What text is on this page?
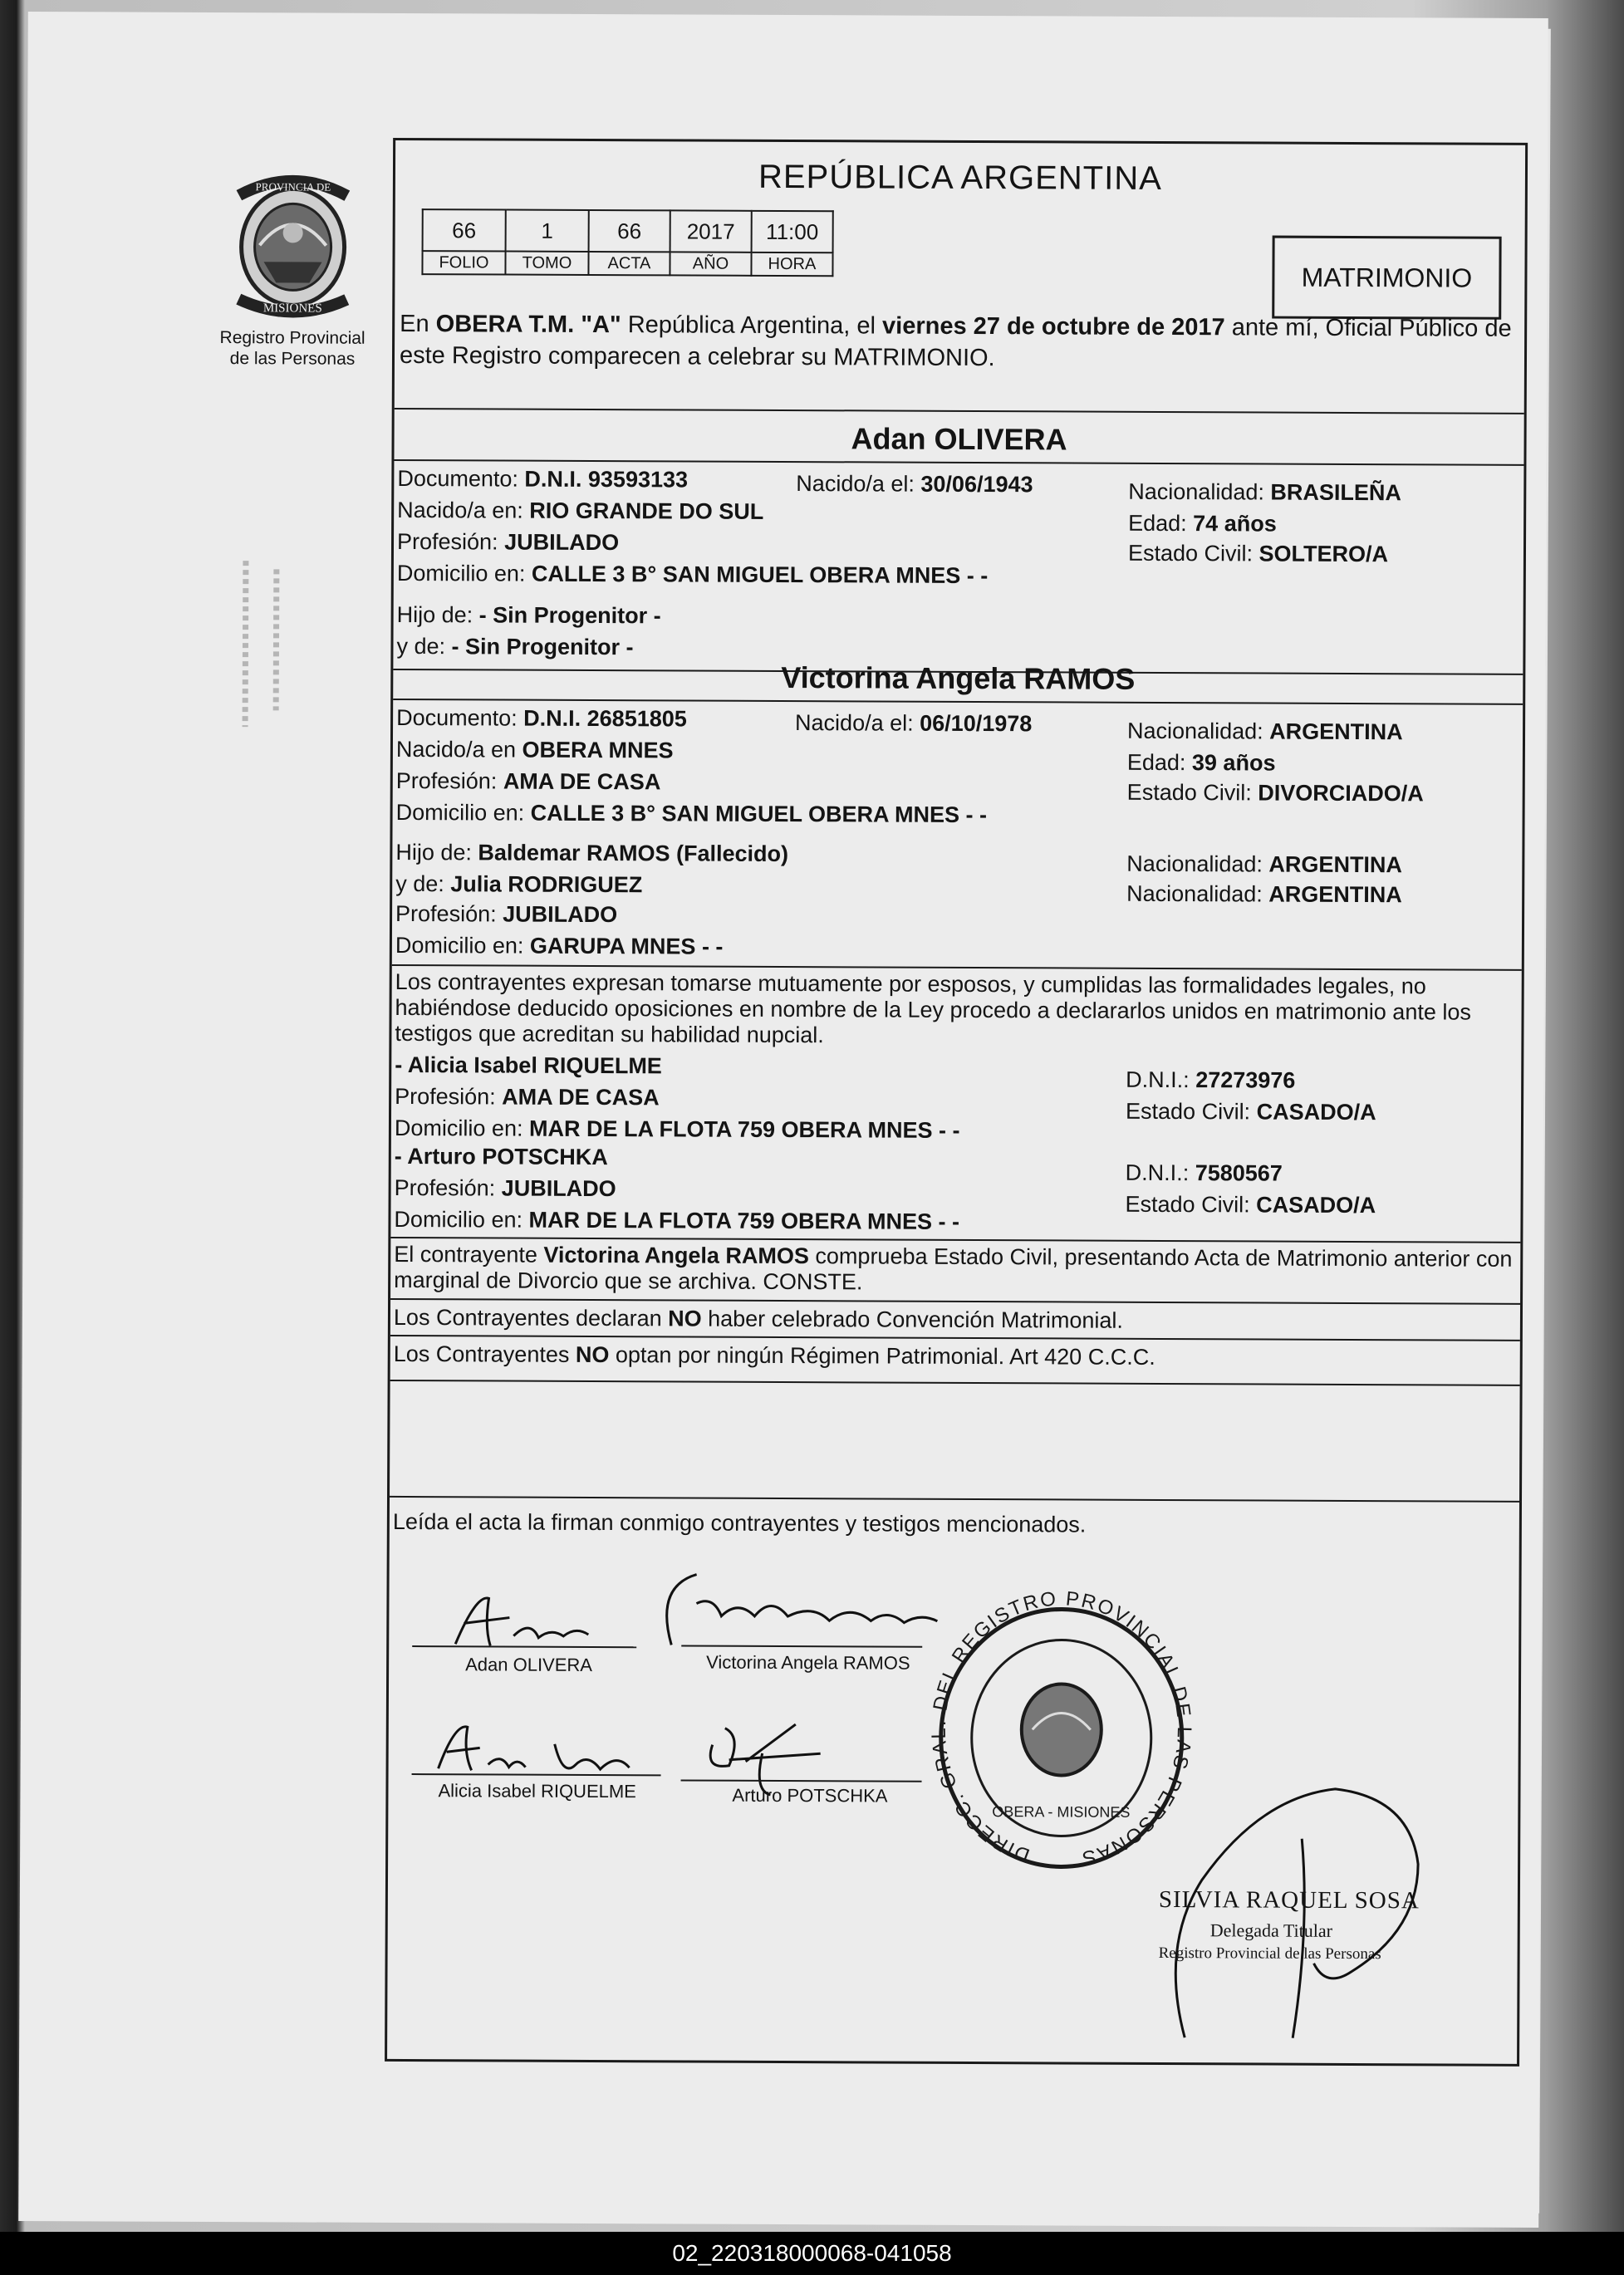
PROVINCIA DE
MISIONES
Registro Provincial
de las Personas
REPÚBLICA ARGENTINA
66	1	66	2017	11:00
FOLIO	TOMO	ACTA	AÑO	HORA	MATRIMONIO
En OBERA T.M. "A" República Argentina, el viernes 27 de octubre de 2017 ante mí, Oficial Público de este Registro comparecen a celebrar su MATRIMONIO.
Adan OLIVERA
Documento: D.N.I. 93593133	Nacido/a el: 30/06/1943	Nacionalidad: BRASILEÑA
Nacido/a en: RIO GRANDE DO SUL	Edad: 74 años
Profesión: JUBILADO	Estado Civil: SOLTERO/A
Domicilio en: CALLE 3 B° SAN MIGUEL OBERA MNES - -
Hijo de: - Sin Progenitor -
y de: - Sin Progenitor -
Victorina Angela RAMOS
Documento: D.N.I. 26851805	Nacido/a el: 06/10/1978	Nacionalidad: ARGENTINA
Nacido/a en OBERA MNES	Edad: 39 años
Profesión: AMA DE CASA	Estado Civil: DIVORCIADO/A
Domicilio en: CALLE 3 B° SAN MIGUEL OBERA MNES - -
Hijo de: Baldemar RAMOS (Fallecido)	Nacionalidad: ARGENTINA
y de: Julia RODRIGUEZ	Nacionalidad: ARGENTINA
Profesión: JUBILADO
Domicilio en: GARUPA MNES - -
Los contrayentes expresan tomarse mutuamente por esposos, y cumplidas las formalidades legales, no habiéndose deducido oposiciones en nombre de la Ley procedo a declararlos unidos en matrimonio ante los testigos que acreditan su habilidad nupcial.
- Alicia Isabel RIQUELME
D.N.I.: 27273976
Profesión: AMA DE CASA
Estado Civil: CASADO/A
Domicilio en: MAR DE LA FLOTA 759 OBERA MNES - -
- Arturo POTSCHKA
D.N.I.: 7580567
Profesión: JUBILADO
Estado Civil: CASADO/A
Domicilio en: MAR DE LA FLOTA 759 OBERA MNES - -
El contrayente Victorina Angela RAMOS comprueba Estado Civil, presentando Acta de Matrimonio anterior con marginal de Divorcio que se archiva. CONSTE.
Los Contrayentes declaran NO haber celebrado Convención Matrimonial.
Los Contrayentes NO optan por ningún Régimen Patrimonial. Art 420 C.C.C.
Leída el acta la firman conmigo contrayentes y testigos mencionados.
Adan OLIVERA	Victorina Angela RAMOS
Alicia Isabel RIQUELME	Arturo POTSCHKA
DIRECC. GRAL. DEL REGISTRO PROVINCIAL DE LAS PERSONAS
OBERA - MISIONES
SILVIA RAQUEL SOSA
Delegada Titular
Registro Provincial de las Personas
02_220318000068-041058
